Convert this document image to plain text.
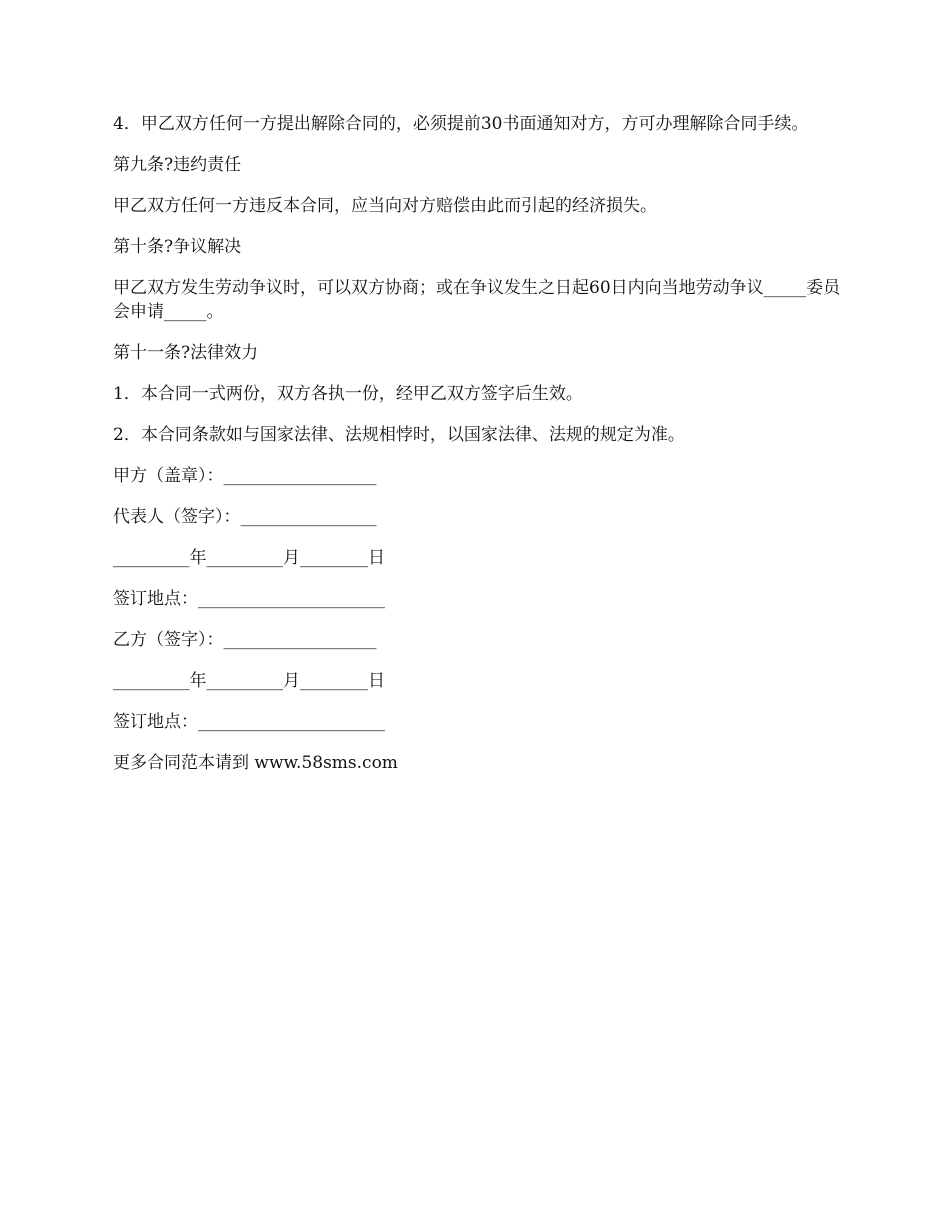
4．甲乙双方任何一方提出解除合同的，必须提前30书面通知对方，方可办理解除合同手续。

第九条?违约责任

甲乙双方任何一方违反本合同，应当向对方赔偿由此而引起的经济损失。

第十条?争议解决

甲乙双方发生劳动争议时，可以双方协商；或在争议发生之日起60日内向当地劳动争议_____委员会申请_____。

第十一条?法律效力

1．本合同一式两份，双方各执一份，经甲乙双方签字后生效。

2．本合同条款如与国家法律、法规相悖时，以国家法律、法规的规定为准。

甲方（盖章）：__________________

代表人（签字）：________________

_________年_________月________日

签订地点：______________________

乙方（签字）：__________________

_________年_________月________日

签订地点：______________________

更多合同范本请到 www.58sms.com
